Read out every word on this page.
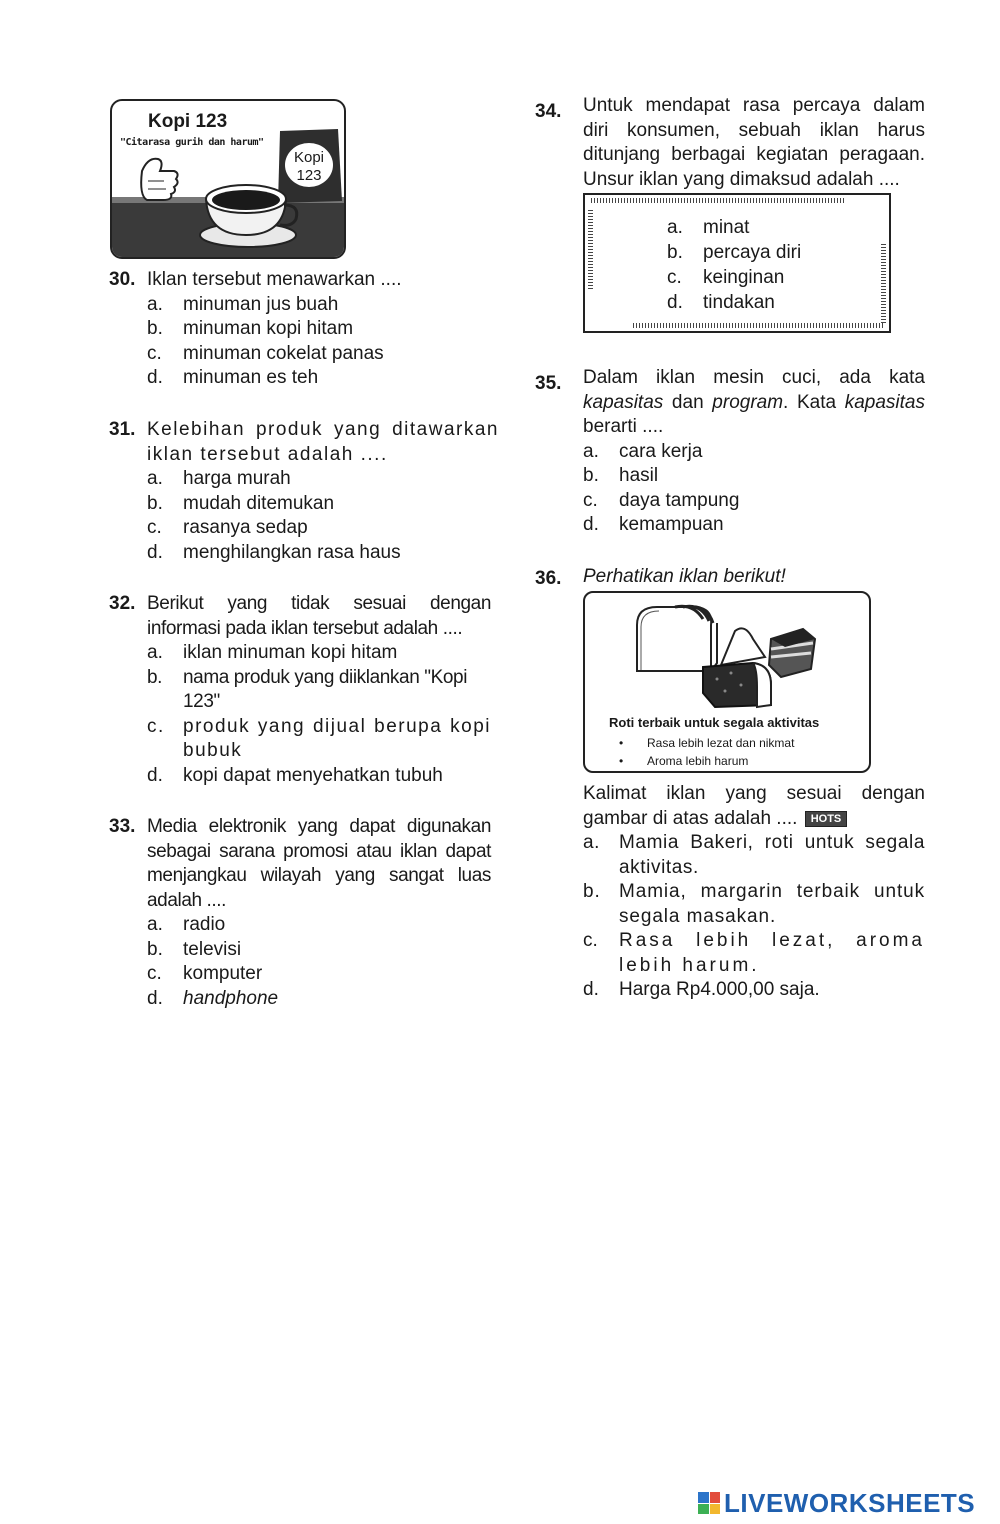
Kopi 123
"Citarasa gurih dan harum"
Kopi
123
30. Iklan tersebut menawarkan ....
a. minuman jus buah
b. minuman kopi hitam
c. minuman cokelat panas
d. minuman es teh
31. Kelebihan produk yang ditawarkan iklan tersebut adalah ....
a. harga murah
b. mudah ditemukan
c. rasanya sedap
d. menghilangkan rasa haus
32. Berikut yang tidak sesuai dengan informasi pada iklan tersebut adalah ....
a. iklan minuman kopi hitam
b. nama produk yang diiklankan "Kopi 123"
c. produk yang dijual berupa kopi bubuk
d. kopi dapat menyehatkan tubuh
33. Media elektronik yang dapat digunakan sebagai sarana promosi atau iklan dapat menjangkau wilayah yang sangat luas adalah ....
a. radio
b. televisi
c. komputer
d. handphone
34. Untuk mendapat rasa percaya dalam diri konsumen, sebuah iklan harus ditunjang berbagai kegiatan peragaan. Unsur iklan yang dimaksud adalah ....
a. minat
b. percaya diri
c. keinginan
d. tindakan
35. Dalam iklan mesin cuci, ada kata kapasitas dan program. Kata kapasitas berarti ....
a. cara kerja
b. hasil
c. daya tampung
d. kemampuan
36. Perhatikan iklan berikut!
Roti terbaik untuk segala aktivitas
• Rasa lebih lezat dan nikmat
• Aroma lebih harum
Kalimat iklan yang sesuai dengan gambar di atas adalah .... HOTS
a. Mamia Bakeri, roti untuk segala aktivitas.
b. Mamia, margarin terbaik untuk segala masakan.
c. Rasa lebih lezat, aroma lebih harum.
d. Harga Rp4.000,00 saja.
LIVEWORKSHEETS
